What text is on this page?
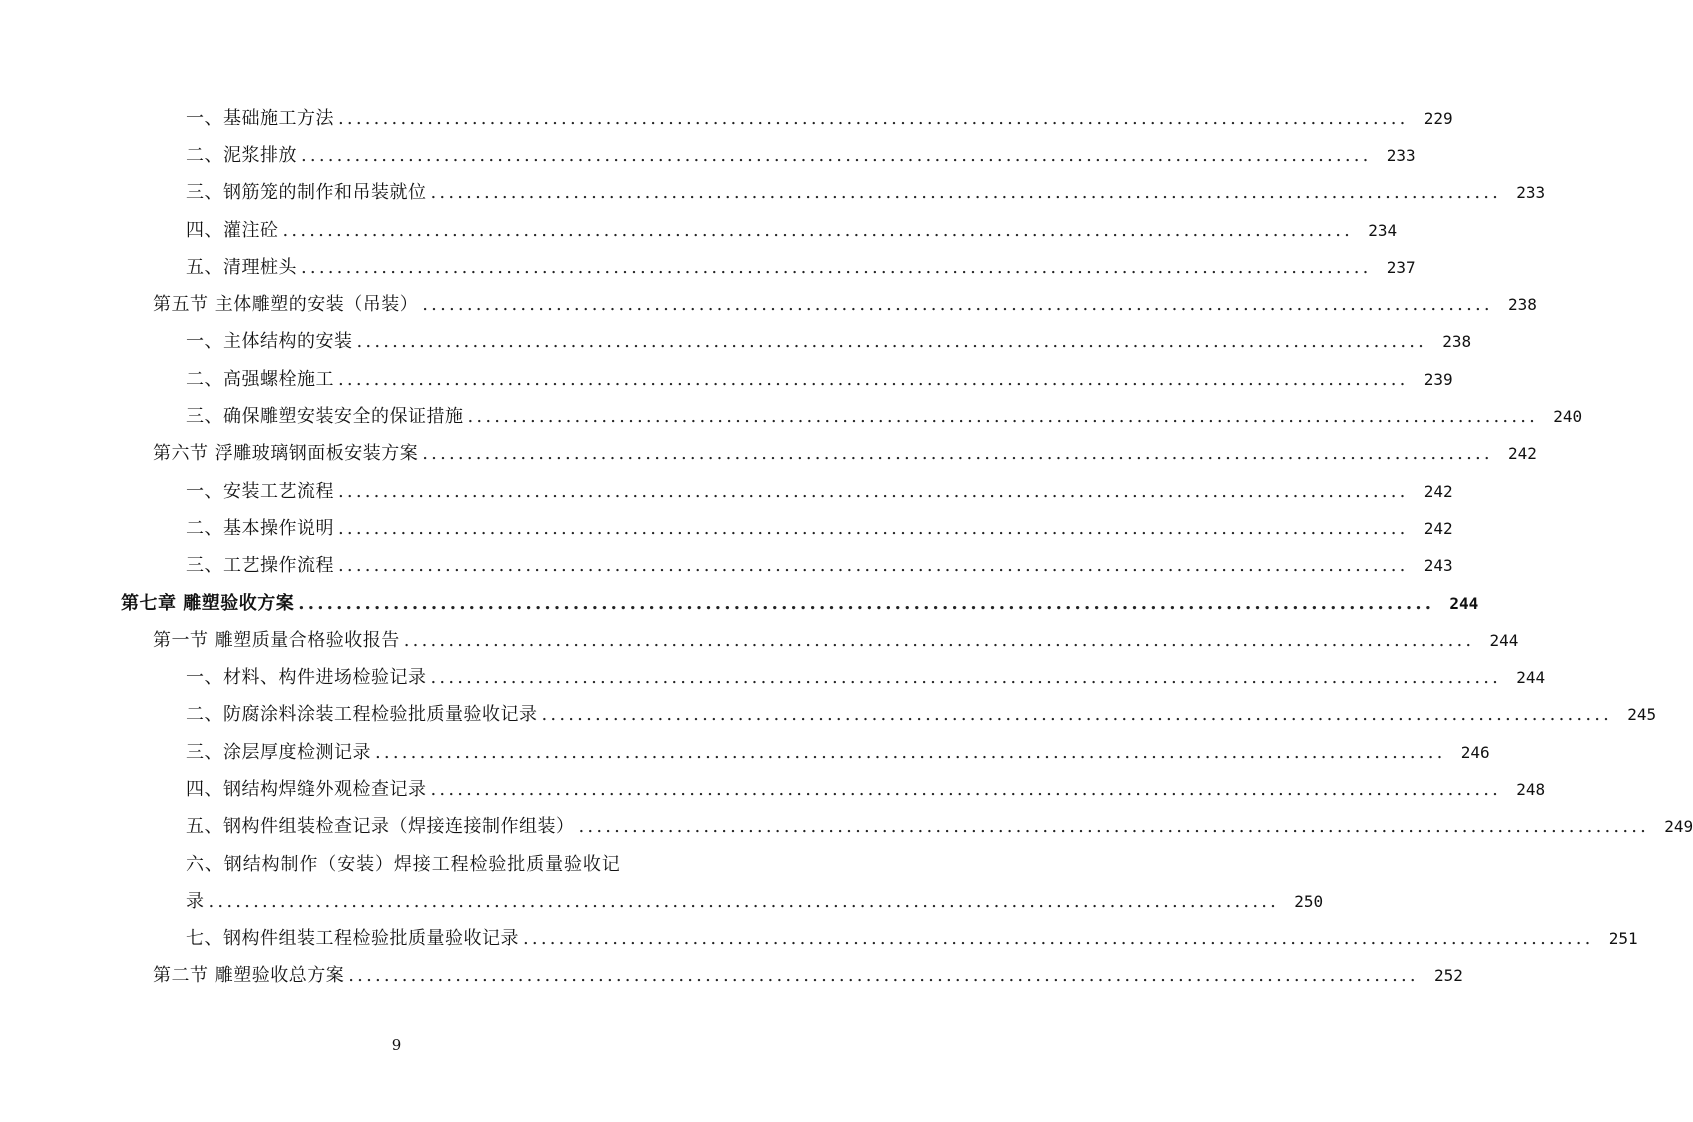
一、基础施工方法 ........................................................................................................................ 229
二、泥浆排放 ........................................................................................................................ 233
三、钢筋笼的制作和吊装就位 ........................................................................................................................ 233
四、灌注砼 ........................................................................................................................ 234
五、清理桩头 ........................................................................................................................ 237
第五节 主体雕塑的安装（吊装） ........................................................................................................................ 238
一、主体结构的安装 ........................................................................................................................ 238
二、高强螺栓施工 ........................................................................................................................ 239
三、确保雕塑安装安全的保证措施 ........................................................................................................................ 240
第六节 浮雕玻璃钢面板安装方案 ........................................................................................................................ 242
一、安装工艺流程 ........................................................................................................................ 242
二、基本操作说明 ........................................................................................................................ 242
三、工艺操作流程 ........................................................................................................................ 243
第七章 雕塑验收方案 ........................................................................................................................ 244
第一节 雕塑质量合格验收报告 ........................................................................................................................ 244
一、材料、构件进场检验记录 ........................................................................................................................ 244
二、防腐涂料涂装工程检验批质量验收记录 ........................................................................................................................ 245
三、涂层厚度检测记录 ........................................................................................................................ 246
四、钢结构焊缝外观检查记录 ........................................................................................................................ 248
五、钢构件组装检查记录（焊接连接制作组装） ........................................................................................................................ 249
六、钢结构制作（安装）焊接工程检验批质量验收记
录 ........................................................................................................................ 250
七、钢构件组装工程检验批质量验收记录 ........................................................................................................................ 251
第二节 雕塑验收总方案 ........................................................................................................................ 252
9
